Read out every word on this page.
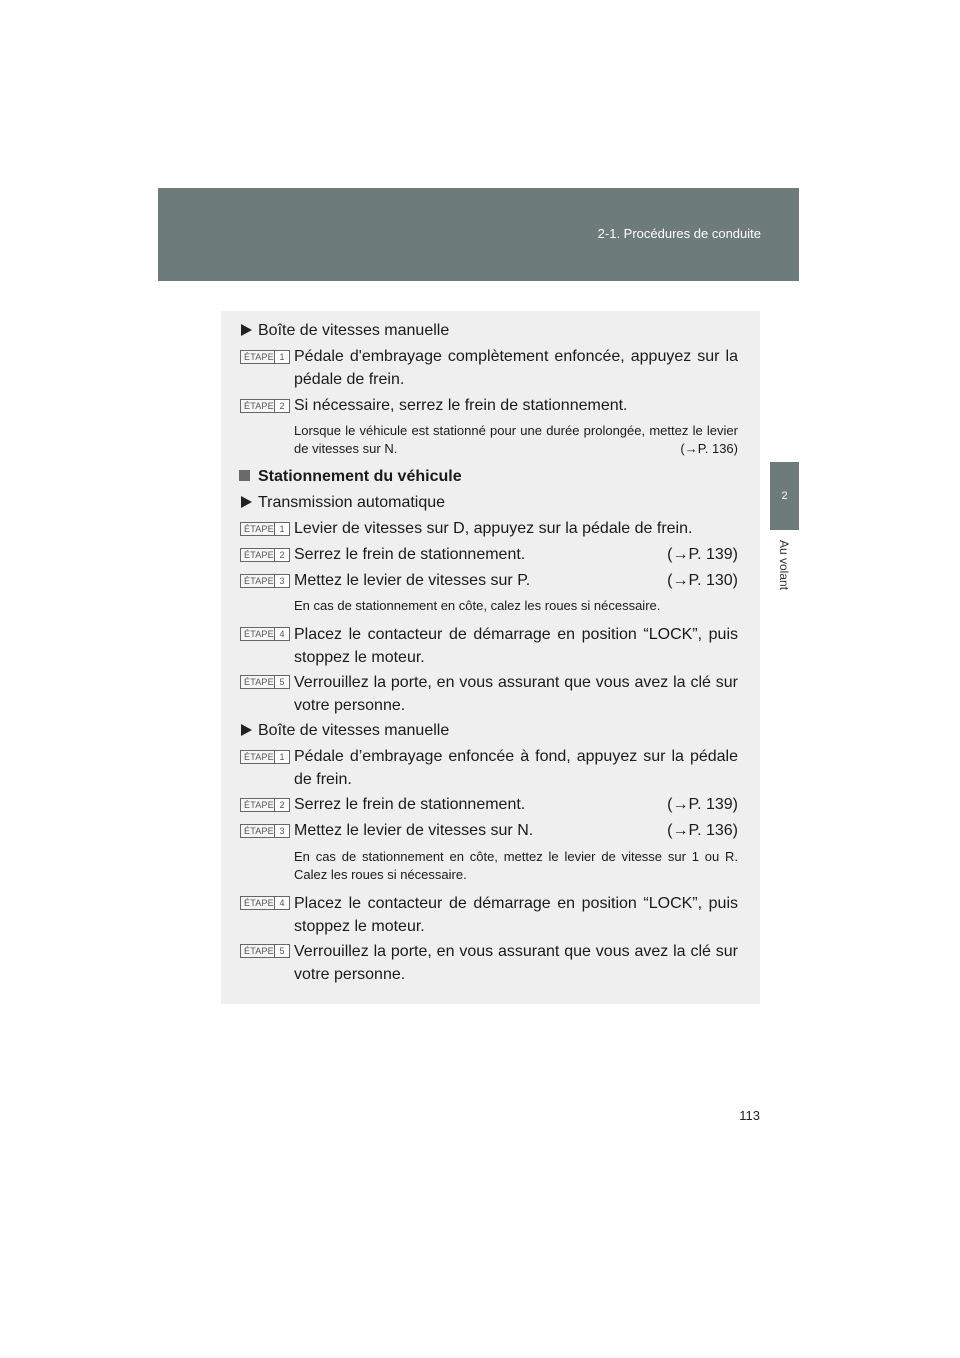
2-1. Procédures de conduite
2
Au volant
Boîte de vitesses manuelle
ÉTAPE 1 Pédale d'embrayage complètement enfoncée, appuyez sur la pédale de frein.
ÉTAPE 2 Si nécessaire, serrez le frein de stationnement.
Lorsque le véhicule est stationné pour une durée prolongée, mettez le levier de vitesses sur N.	(→P. 136)
Stationnement du véhicule
Transmission automatique
ÉTAPE 1 Levier de vitesses sur D, appuyez sur la pédale de frein.
ÉTAPE 2 Serrez le frein de stationnement.	(→P. 139)
ÉTAPE 3 Mettez le levier de vitesses sur P.	(→P. 130)
En cas de stationnement en côte, calez les roues si nécessaire.
ÉTAPE 4 Placez le contacteur de démarrage en position “LOCK”, puis stoppez le moteur.
ÉTAPE 5 Verrouillez la porte, en vous assurant que vous avez la clé sur votre personne.
Boîte de vitesses manuelle
ÉTAPE 1 Pédale d’embrayage enfoncée à fond, appuyez sur la pédale de frein.
ÉTAPE 2 Serrez le frein de stationnement.	(→P. 139)
ÉTAPE 3 Mettez le levier de vitesses sur N.	(→P. 136)
En cas de stationnement en côte, mettez le levier de vitesse sur 1 ou R. Calez les roues si nécessaire.
ÉTAPE 4 Placez le contacteur de démarrage en position “LOCK”, puis stoppez le moteur.
ÉTAPE 5 Verrouillez la porte, en vous assurant que vous avez la clé sur votre personne.
113
